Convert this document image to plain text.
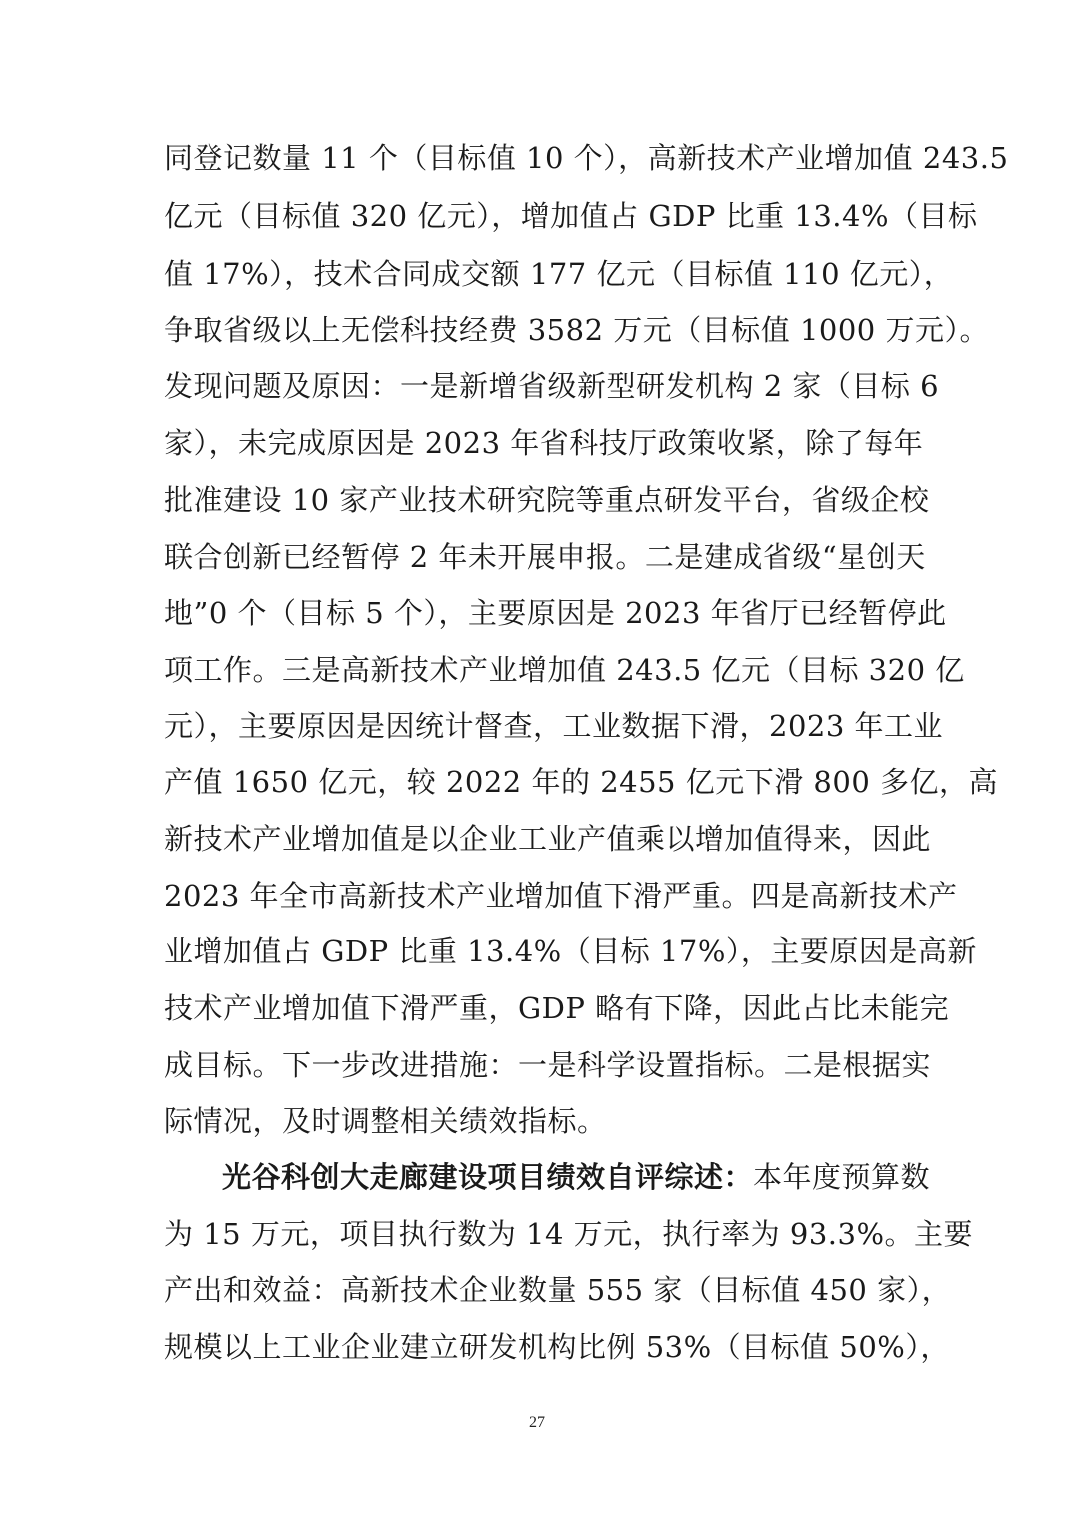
同登记数量 11 个（目标值 10 个），高新技术产业增加值 243.5
亿元（目标值 320 亿元），增加值占 GDP 比重 13.4%（目标
值 17%），技术合同成交额 177 亿元（目标值 110 亿元），
争取省级以上无偿科技经费 3582 万元（目标值 1000 万元）。
发现问题及原因：一是新增省级新型研发机构 2 家（目标 6
家），未完成原因是 2023 年省科技厅政策收紧，除了每年
批准建设 10 家产业技术研究院等重点研发平台，省级企校
联合创新已经暂停 2 年未开展申报。二是建成省级“星创天
地”0 个（目标 5 个），主要原因是 2023 年省厅已经暂停此
项工作。三是高新技术产业增加值 243.5 亿元（目标 320 亿
元），主要原因是因统计督查，工业数据下滑，2023 年工业
产值 1650 亿元，较 2022 年的 2455 亿元下滑 800 多亿，高
新技术产业增加值是以企业工业产值乘以增加值得来，因此
2023 年全市高新技术产业增加值下滑严重。四是高新技术产
业增加值占 GDP 比重 13.4%（目标 17%），主要原因是高新
技术产业增加值下滑严重，GDP 略有下降，因此占比未能完
成目标。下一步改进措施：一是科学设置指标。二是根据实
际情况，及时调整相关绩效指标。
光谷科创大走廊建设项目绩效自评综述：本年度预算数
为 15 万元，项目执行数为 14 万元，执行率为 93.3%。主要
产出和效益：高新技术企业数量 555 家（目标值 450 家），
规模以上工业企业建立研发机构比例 53%（目标值 50%），
27
